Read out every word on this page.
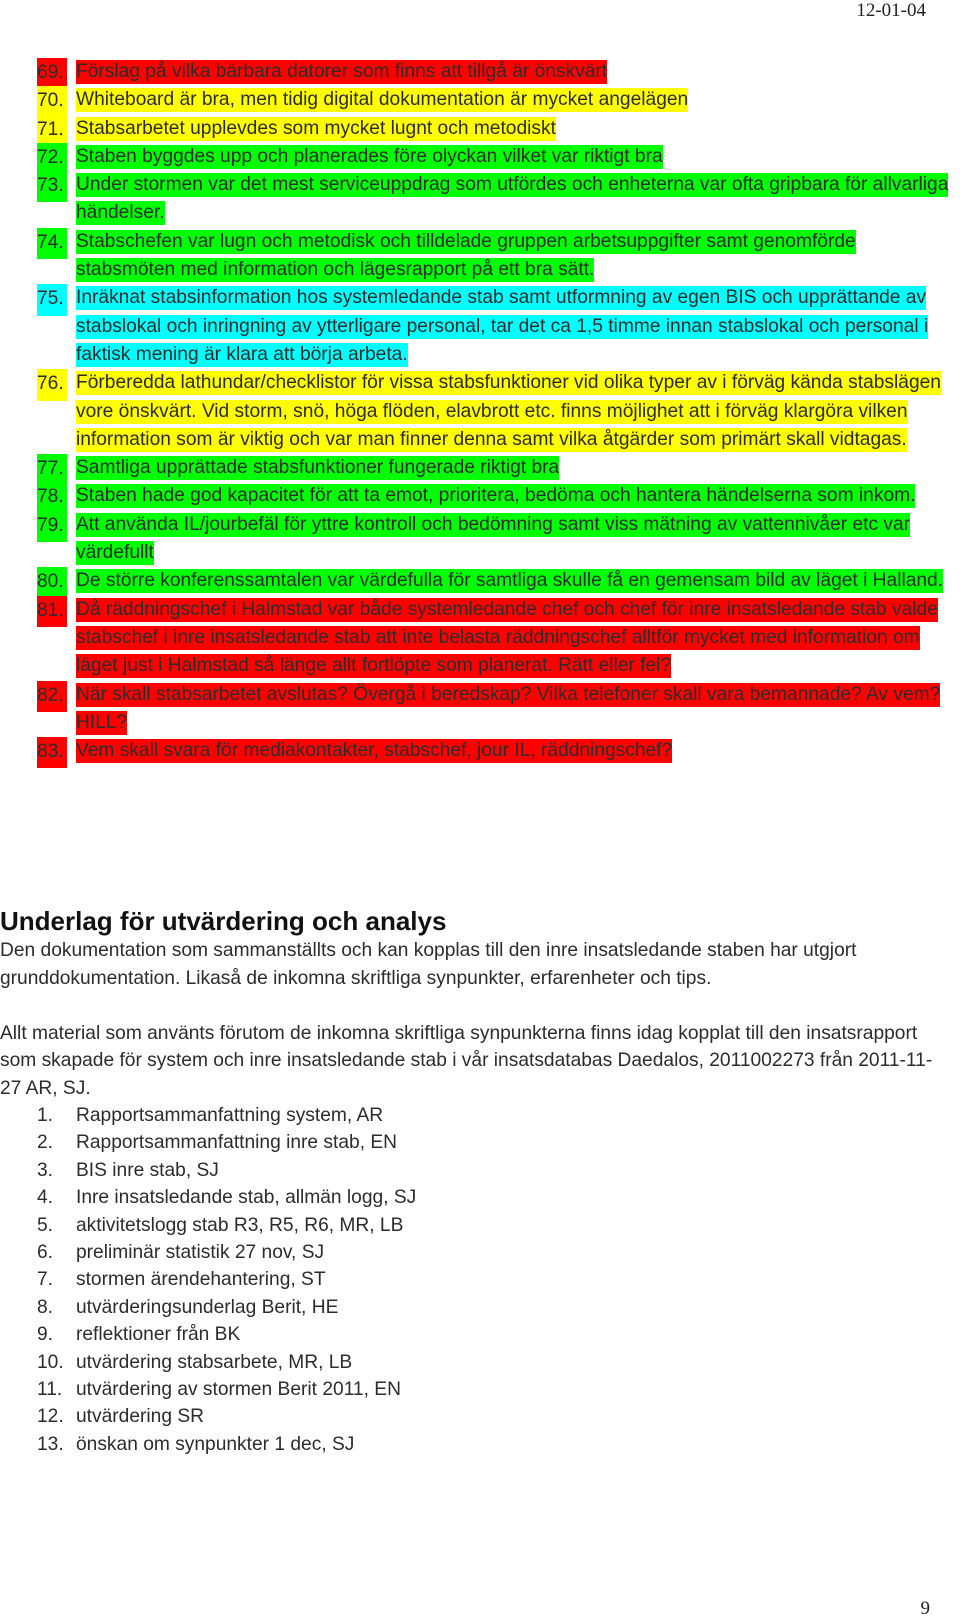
12-01-04
69. Förslag på vilka bärbara datorer som finns att tillgå är önskvärt
70. Whiteboard är bra, men tidig digital dokumentation är mycket angelägen
71. Stabsarbetet upplevdes som mycket lugnt och metodiskt
72. Staben byggdes upp och planerades före olyckan vilket var riktigt bra
73. Under stormen var det mest serviceuppdrag som utfördes och enheterna var ofta gripbara för allvarliga händelser.
74. Stabschefen var lugn och metodisk och tilldelade gruppen arbetsuppgifter samt genomförde stabsmöten med information och lägesrapport på ett bra sätt.
75. Inräknat stabsinformation hos systemledande stab samt utformning av egen BIS och upprättande av stabslokal och inringning av ytterligare personal, tar det ca 1,5 timme innan stabslokal och personal i faktisk mening är klara att börja arbeta.
76. Förberedda lathundar/checklistor för vissa stabsfunktioner vid olika typer av i förväg kända stabslägen vore önskvärt. Vid storm, snö, höga flöden, elavbrott etc. finns möjlighet att i förväg klargöra vilken information som är viktig och var man finner denna samt vilka åtgärder som primärt skall vidtagas.
77. Samtliga upprättade stabsfunktioner fungerade riktigt bra
78. Staben hade god kapacitet för att ta emot, prioritera, bedöma och hantera händelserna som inkom.
79. Att använda IL/jourbefäl för yttre kontroll och bedömning samt viss mätning av vattennivåer etc var värdefullt
80. De större konferenssamtalen var värdefulla för samtliga skulle få en gemensam bild av läget i Halland.
81. Då räddningschef i Halmstad var både systemledande chef och chef för inre insatsledande stab valde stabschef i inre insatsledande stab att inte belasta räddningschef alltför mycket med information om läget just i Halmstad så länge allt fortlöpte som planerat. Rätt eller fel?
82. När skall stabsarbetet avslutas? Övergå i beredskap? Vilka telefoner skall vara bemannade? Av vem? HILL?
83. Vem skall svara för mediakontakter, stabschef, jour IL, räddningschef?
Underlag för utvärdering och analys

Den dokumentation som sammanställts och kan kopplas till den inre insatsledande staben har utgjort grunddokumentation. Likaså de inkomna skriftliga synpunkter, erfarenheter och tips.

Allt material som använts förutom de inkomna skriftliga synpunkterna finns idag kopplat till den insatsrapport som skapade för system och inre insatsledande stab i vår insatsdatabas Daedalos, 2011002273 från 2011-11-27 AR, SJ.

1. Rapportsammanfattning system, AR
2. Rapportsammanfattning inre stab, EN
3. BIS inre stab, SJ
4. Inre insatsledande stab, allmän logg, SJ
5. aktivitetslogg stab R3, R5, R6, MR, LB
6. preliminär statistik 27 nov, SJ
7. stormen ärendehantering, ST
8. utvärderingsunderlag Berit, HE
9. reflektioner från BK
10. utvärdering stabsarbete, MR, LB
11. utvärdering av stormen Berit 2011, EN
12. utvärdering SR
13. önskan om synpunkter 1 dec, SJ
9
